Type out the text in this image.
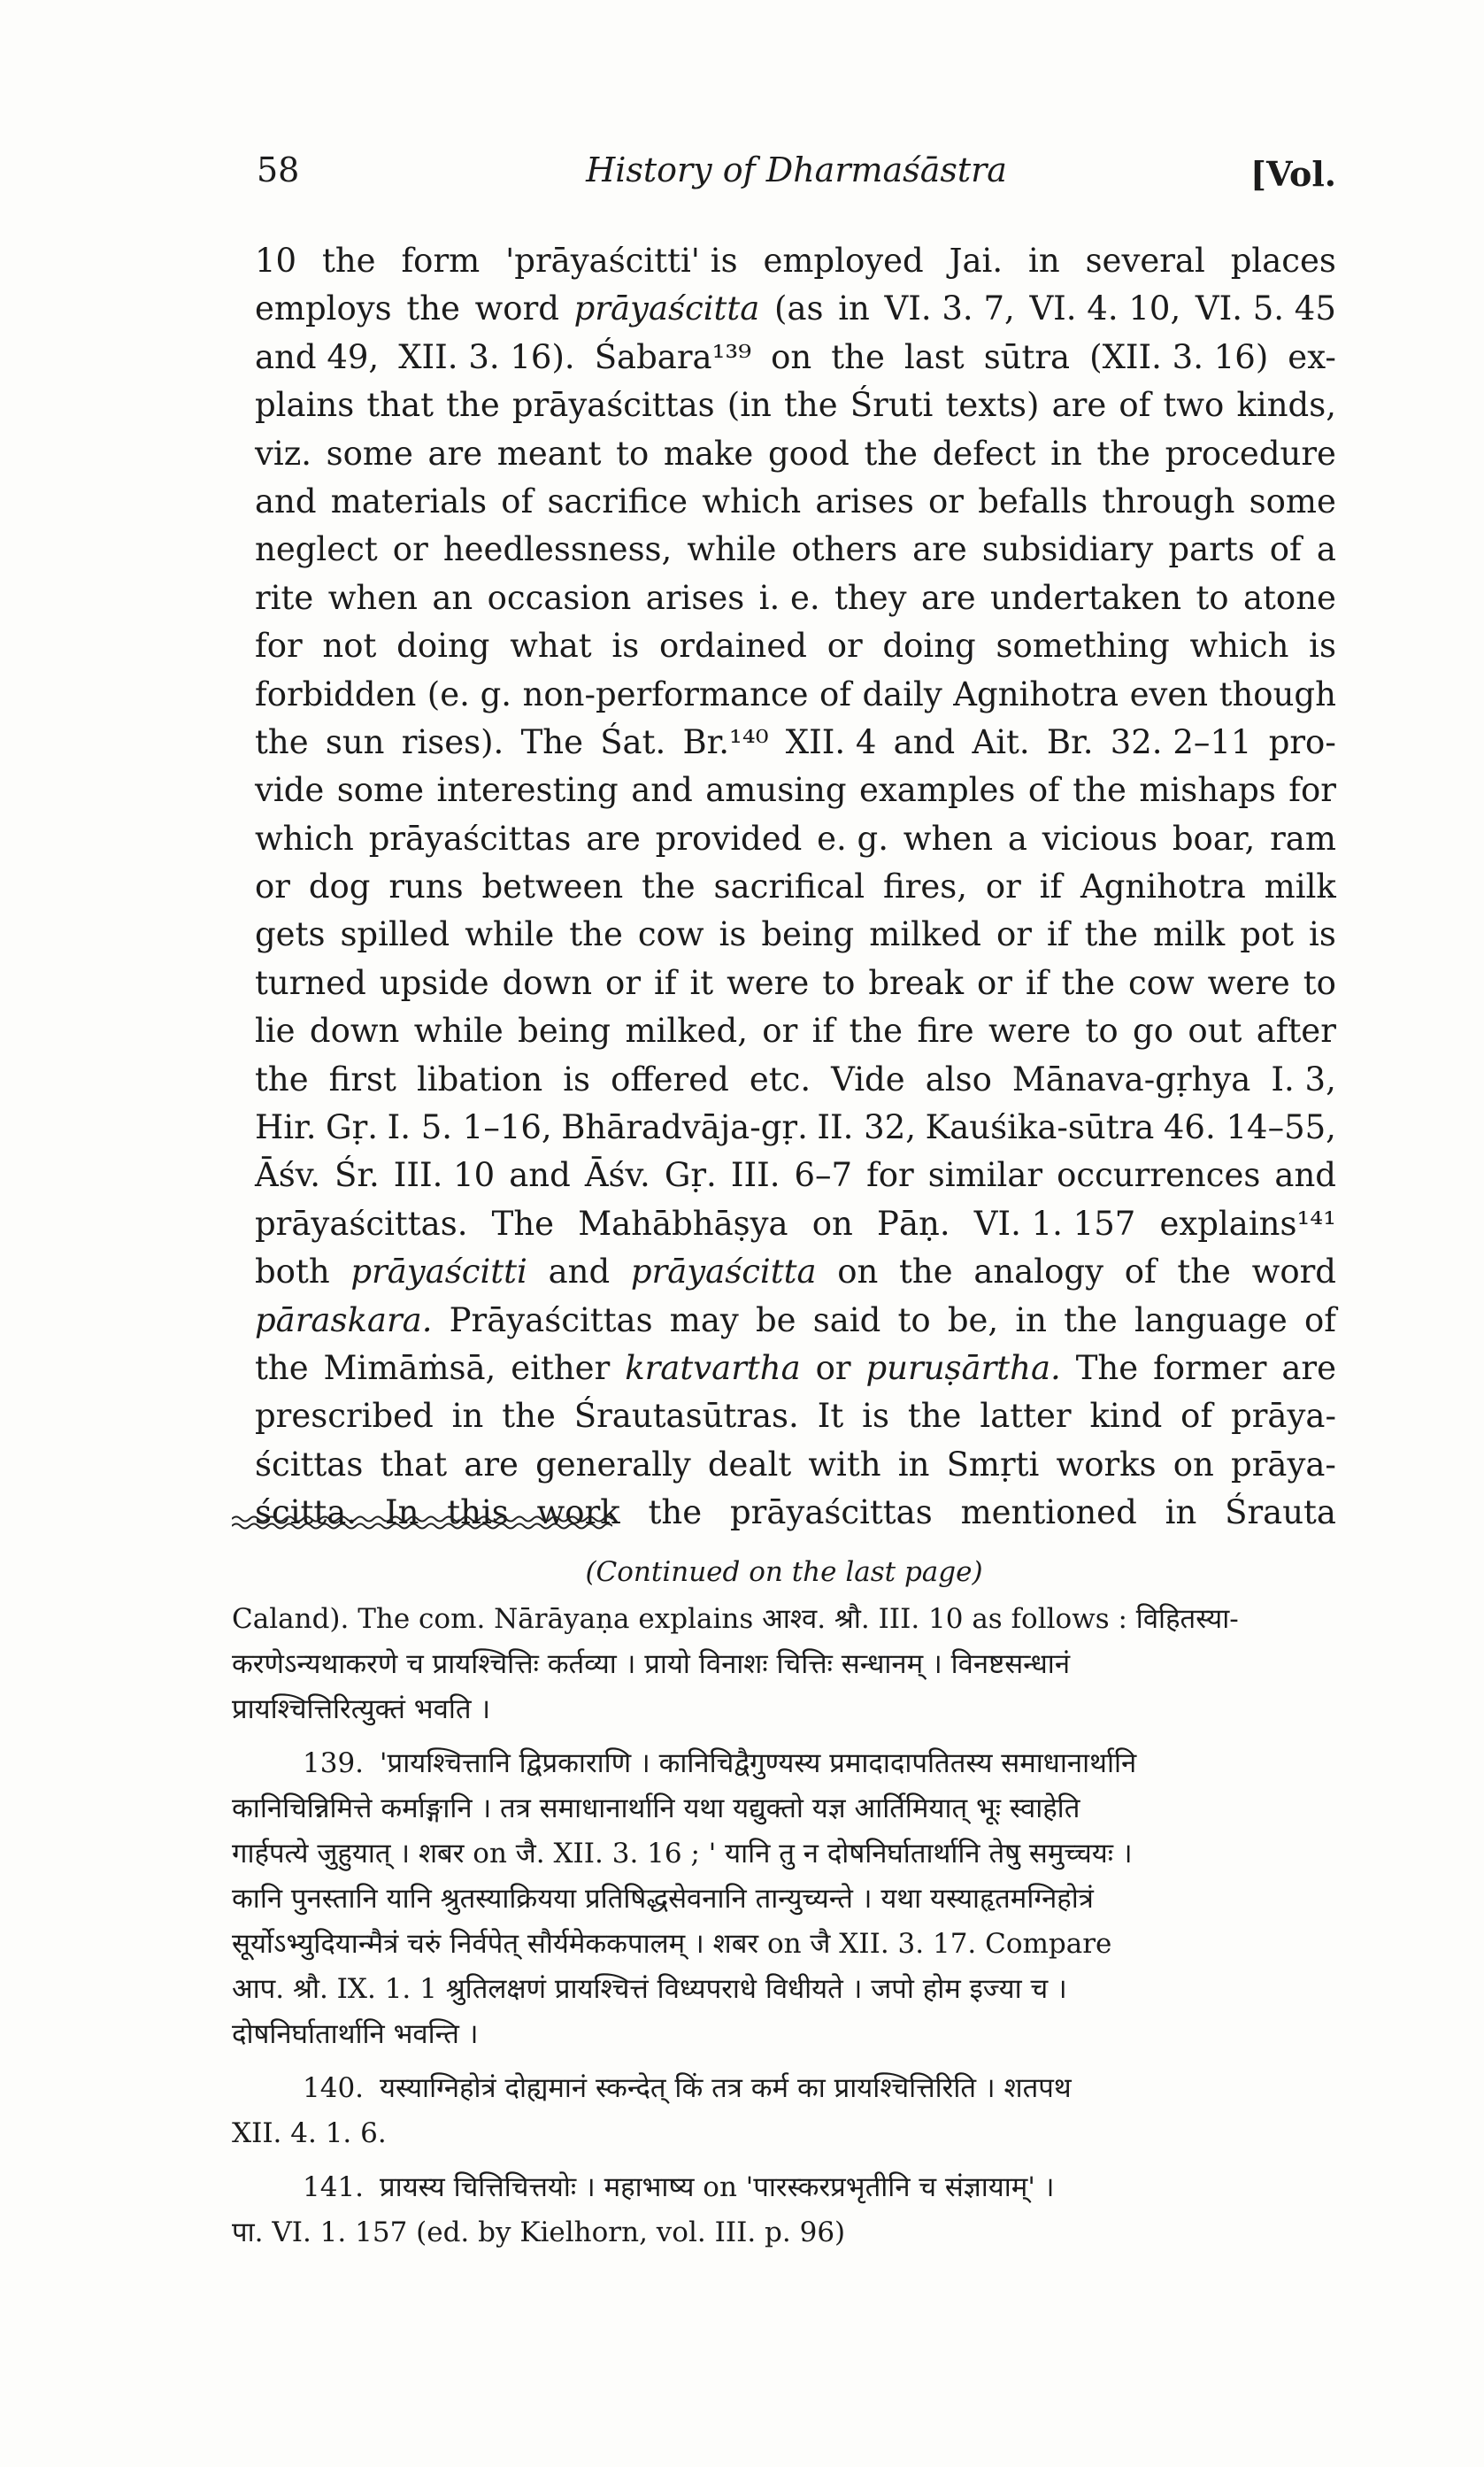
58	History of Dharmaśāstra	[Vol.
10 the form 'prāyaścitti' is employed Jai. in several places
employs the word prāyaścitta (as in VI. 3. 7, VI. 4. 10, VI. 5. 45
and 49, XII. 3. 16). Śabara¹³⁹ on the last sūtra (XII. 3. 16) ex-
plains that the prāyaścittas (in the Śruti texts) are of two kinds,
viz. some are meant to make good the defect in the procedure
and materials of sacrifice which arises or befalls through some
neglect or heedlessness, while others are subsidiary parts of a
rite when an occasion arises i. e. they are undertaken to atone
for not doing what is ordained or doing something which is
forbidden (e. g. non-performance of daily Agnihotra even though
the sun rises). The Śat. Br.¹⁴⁰ XII. 4 and Ait. Br. 32. 2–11 pro-
vide some interesting and amusing examples of the mishaps for
which prāyaścittas are provided e. g. when a vicious boar, ram
or dog runs between the sacrifical fires, or if Agnihotra milk
gets spilled while the cow is being milked or if the milk pot is
turned upside down or if it were to break or if the cow were to
lie down while being milked, or if the fire were to go out after
the first libation is offered etc. Vide also Mānava-gṛhya I. 3,
Hir. Gṛ. I. 5. 1–16, Bhāradvāja-gṛ. II. 32, Kauśika-sūtra 46. 14–55,
Āśv. Śr. III. 10 and Āśv. Gṛ. III. 6–7 for similar occurrences and
prāyaścittas. The Mahābhāṣya on Pāṇ. VI. 1. 157 explains¹⁴¹
both prāyaścitti and prāyaścitta on the analogy of the word
pāraskara. Prāyaścittas may be said to be, in the language of
the Mimāṁsā, either kratvartha or puruṣārtha. The former are
prescribed in the Śrautasūtras. It is the latter kind of prāya-
ścittas that are generally dealt with in Smṛti works on prāya-
ścitta. In this work the prāyaścittas mentioned in Śrauta
(Continued on the last page)
Caland). The com. Nārāyaṇa explains आश्व. श्रौ. III. 10 as follows : विहितस्या-
करणेऽन्यथाकरणे च प्रायश्चित्तिः कर्तव्या । प्रायो विनाशः चित्तिः सन्धानम् । विनष्टसन्धानं
प्रायश्चित्तिरित्युक्तं भवति ।
139. 'प्रायश्चित्तानि द्विप्रकाराणि । कानिचिद्वैगुण्यस्य प्रमादादापतितस्य समाधानार्थानि
कानिचिन्निमित्ते कर्माङ्गानि । तत्र समाधानार्थानि यथा यद्युक्तो यज्ञ आर्तिमियात् भूः स्वाहेति
गार्हपत्ये जुहुयात् । शबर on जै. XII. 3. 16 ; ' यानि तु न दोषनिर्घातार्थानि तेषु समुच्चयः ।
कानि पुनस्तानि यानि श्रुतस्याक्रियया प्रतिषिद्धसेवनानि तान्युच्यन्ते । यथा यस्याहृतमग्निहोत्रं
सूर्योऽभ्युदियान्मैत्रं चरुं निर्वपेत् सौर्यमेककपालम् । शबर on जै XII. 3. 17. Compare
आप. श्रौ. IX. 1. 1 श्रुतिलक्षणं प्रायश्चित्तं विध्यपराधे विधीयते । जपो होम इज्या च ।
दोषनिर्घातार्थानि भवन्ति ।
140. यस्याग्निहोत्रं दोह्यमानं स्कन्देत् किं तत्र कर्म का प्रायश्चित्तिरिति । शतपथ
XII. 4. 1. 6.
141. प्रायस्य चित्तिचित्तयोः । महाभाष्य on 'पारस्करप्रभृतीनि च संज्ञायाम्' ।
पा. VI. 1. 157 (ed. by Kielhorn, vol. III. p. 96)
